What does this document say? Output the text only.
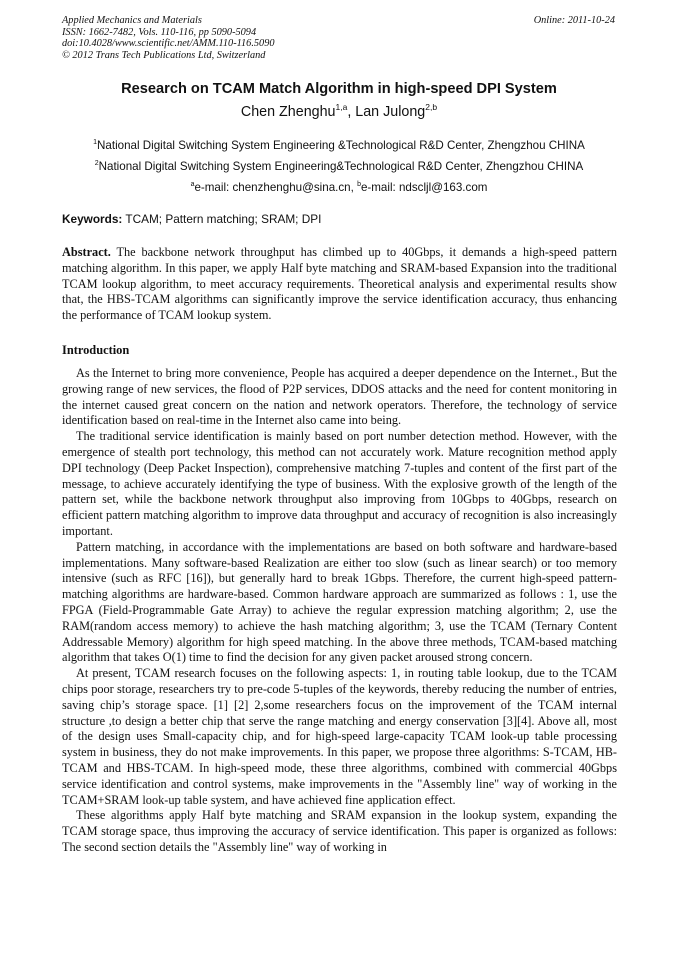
Applied Mechanics and Materials
ISSN: 1662-7482, Vols. 110-116, pp 5090-5094
doi:10.4028/www.scientific.net/AMM.110-116.5090
© 2012 Trans Tech Publications Ltd, Switzerland
Online: 2011-10-24
Research on TCAM Match Algorithm in high-speed DPI System
Chen Zhenghu$^{1,a}$, Lan Julong$^{2,b}$
$^1$National Digital Switching System Engineering &Technological R&D Center, Zhengzhou CHINA
$^2$National Digital Switching System Engineering&Technological R&D Center, Zhengzhou CHINA
$^a$e-mail: chenzhenghu@sina.cn, $^b$e-mail: ndscljl@163.com
Keywords: TCAM; Pattern matching; SRAM; DPI
Abstract. The backbone network throughput has climbed up to 40Gbps, it demands a high-speed pattern matching algorithm. In this paper, we apply Half byte matching and SRAM-based Expansion into the traditional TCAM lookup algorithm, to meet accuracy requirements. Theoretical analysis and experimental results show that, the HBS-TCAM algorithms can significantly improve the service identification accuracy, thus enhancing the performance of TCAM lookup system.
Introduction

As the Internet to bring more convenience, People has acquired a deeper dependence on the Internet., But the growing range of new services, the flood of P2P services, DDOS attacks and the need for content monitoring in the internet caused great concern on the nation and network operators. Therefore, the technology of service identification based on real-time in the Internet also came into being.

The traditional service identification is mainly based on port number detection method. However, with the emergence of stealth port technology, this method can not accurately work. Mature recognition method apply DPI technology (Deep Packet Inspection), comprehensive matching 7-tuples and content of the first part of the message, to achieve accurately identifying the type of business. With the explosive growth of the length of the pattern set, while the backbone network throughput also improving from 10Gbps to 40Gbps, research on efficient pattern matching algorithm to improve data throughput and accuracy of recognition is also increasingly important.

Pattern matching, in accordance with the implementations are based on both software and hardware-based implementations. Many software-based Realization are either too slow (such as linear search) or too memory intensive (such as RFC [16]), but generally hard to break 1Gbps. Therefore, the current high-speed pattern-matching algorithms are hardware-based. Common hardware approach are summarized as follows : 1, use the FPGA (Field-Programmable Gate Array) to achieve the regular expression matching algorithm; 2, use the RAM(random access memory) to achieve the hash matching algorithm; 3, use the TCAM (Ternary Content Addressable Memory) algorithm for high speed matching. In the above three methods, TCAM-based matching algorithm that takes O(1) time to find the decision for any given packet aroused strong concern.

At present, TCAM research focuses on the following aspects: 1, in routing table lookup, due to the TCAM chips poor storage, researchers try to pre-code 5-tuples of the keywords, thereby reducing the number of entries, saving chip’s storage space. [1] [2] 2,some researchers focus on the improvement of the TCAM internal structure ,to design a better chip that serve the range matching and energy conservation [3][4]. Above all, most of the design uses Small-capacity chip, and for high-speed large-capacity TCAM look-up table processing system in business, they do not make improvements. In this paper, we propose three algorithms: S-TCAM, HB-TCAM and HBS-TCAM. In high-speed mode, these three algorithms, combined with commercial 40Gbps service identification and control systems, make improvements in the "Assembly line" way of working in the TCAM+SRAM look-up table system, and have achieved fine application effect.

These algorithms apply Half byte matching and SRAM expansion in the lookup system, expanding the TCAM storage space, thus improving the accuracy of service identification. This paper is organized as follows: The second section details the "Assembly line" way of working in
